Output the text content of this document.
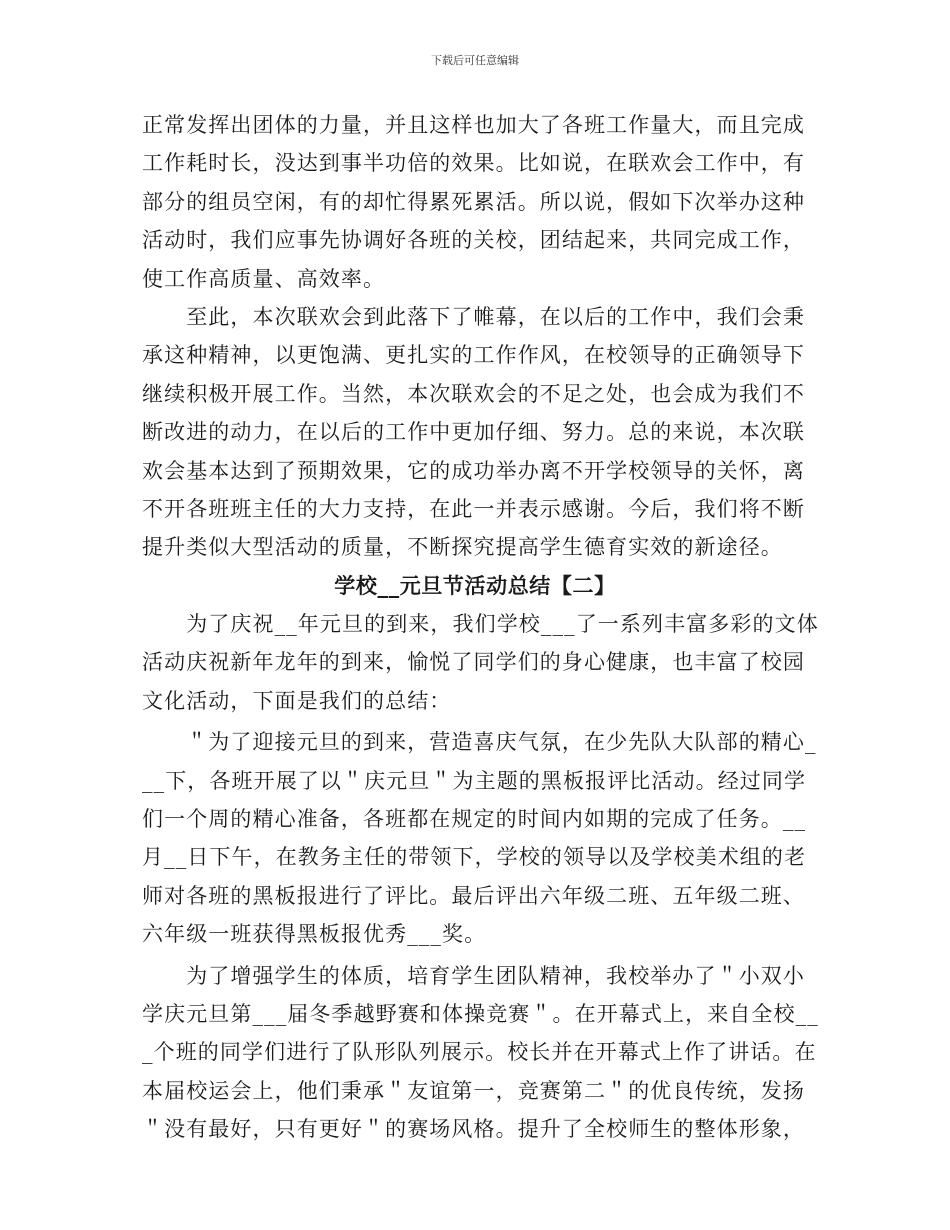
下载后可任意编辑
正常发挥出团体的力量，并且这样也加大了各班工作量大，而且完成
工作耗时长，没达到事半功倍的效果。比如说，在联欢会工作中，有
部分的组员空闲，有的却忙得累死累活。所以说，假如下次举办这种
活动时，我们应事先协调好各班的关校，团结起来，共同完成工作，
使工作高质量、高效率。
　　至此，本次联欢会到此落下了帷幕，在以后的工作中，我们会秉
承这种精神，以更饱满、更扎实的工作作风，在校领导的正确领导下
继续积极开展工作。当然，本次联欢会的不足之处，也会成为我们不
断改进的动力，在以后的工作中更加仔细、努力。总的来说，本次联
欢会基本达到了预期效果，它的成功举办离不开学校领导的关怀，离
不开各班班主任的大力支持，在此一并表示感谢。今后，我们将不断
提升类似大型活动的质量，不断探究提高学生德育实效的新途径。
学校__元旦节活动总结【二】
　　为了庆祝__年元旦的到来，我们学校___了一系列丰富多彩的文体
活动庆祝新年龙年的到来，愉悦了同学们的身心健康，也丰富了校园
文化活动，下面是我们的总结：
　　＂为了迎接元旦的到来，营造喜庆气氛，在少先队大队部的精心_
__下，各班开展了以＂庆元旦＂为主题的黑板报评比活动。经过同学
们一个周的精心准备，各班都在规定的时间内如期的完成了任务。__
月__日下午，在教务主任的带领下，学校的领导以及学校美术组的老
师对各班的黑板报进行了评比。最后评出六年级二班、五年级二班、
六年级一班获得黑板报优秀___奖。
　　为了增强学生的体质，培育学生团队精神，我校举办了＂小双小
学庆元旦第___届冬季越野赛和体操竞赛＂。在开幕式上，来自全校__
_个班的同学们进行了队形队列展示。校长并在开幕式上作了讲话。在
本届校运会上，他们秉承＂友谊第一，竞赛第二＂的优良传统，发扬
＂没有最好，只有更好＂的赛场风格。提升了全校师生的整体形象，
